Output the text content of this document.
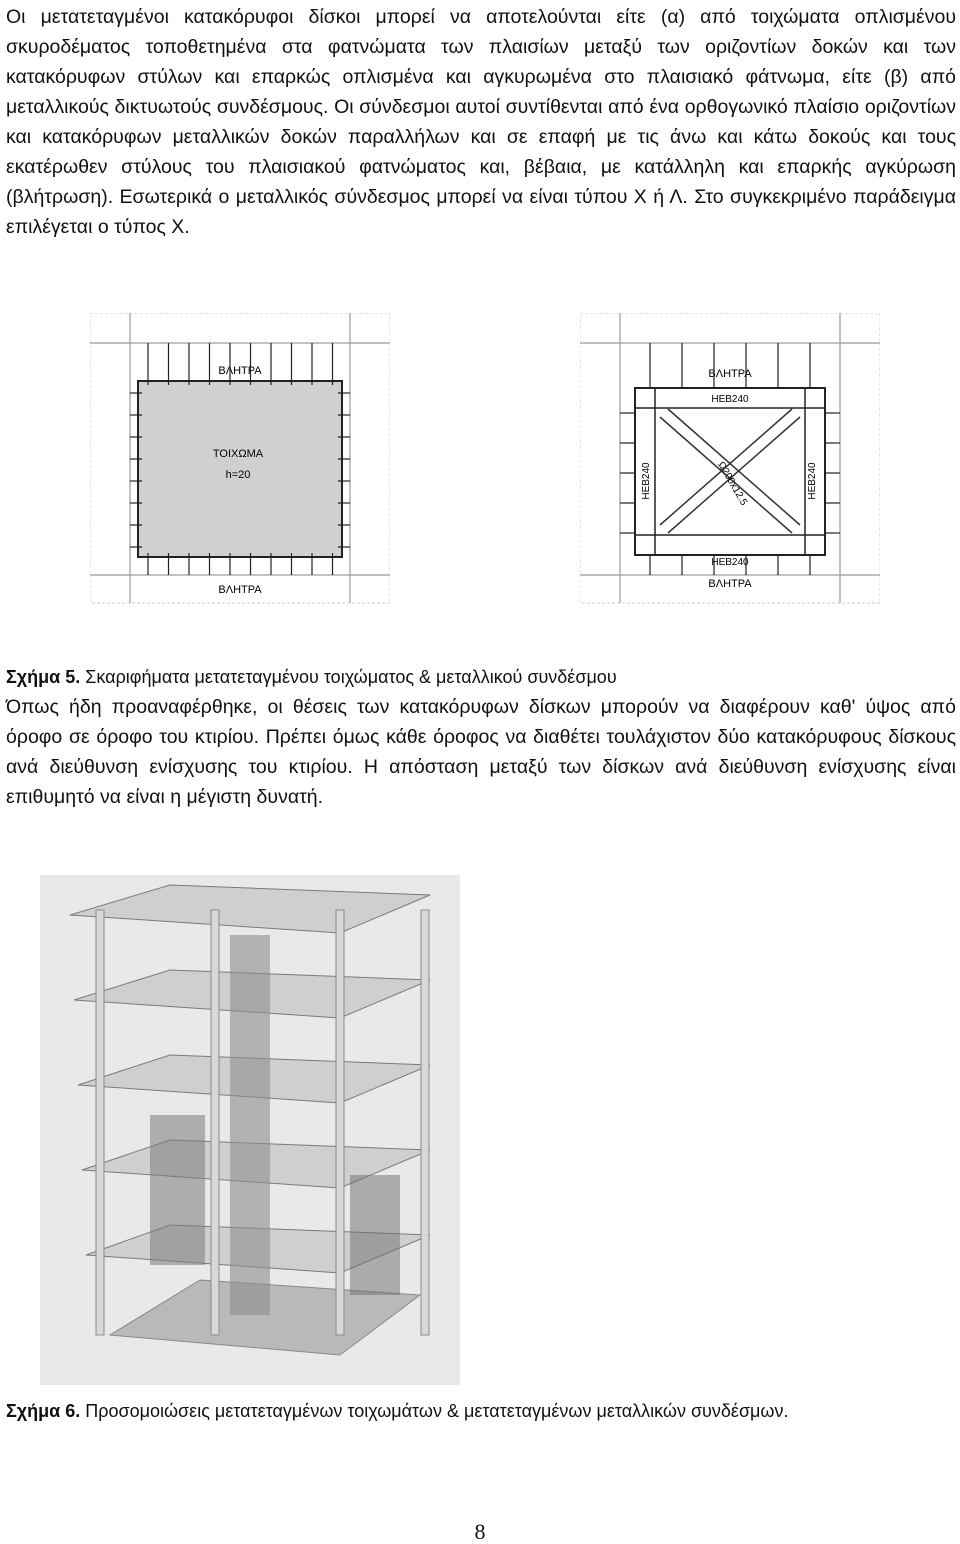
Οι μετατεταγμένοι κατακόρυφοι δίσκοι μπορεί να αποτελούνται είτε (α) από τοιχώματα οπλισμένου σκυροδέματος τοποθετημένα στα φατνώματα των πλαισίων μεταξύ των οριζοντίων δοκών και των κατακόρυφων στύλων και επαρκώς οπλισμένα και αγκυρωμένα στο πλαισιακό φάτνωμα, είτε (β) από μεταλλικούς δικτυωτούς συνδέσμους. Οι σύνδεσμοι αυτοί συντίθενται από ένα ορθογωνικό πλαίσιο οριζοντίων και κατακόρυφων μεταλλικών δοκών παραλλήλων και σε επαφή με τις άνω και κάτω δοκούς και τους εκατέρωθεν στύλους του πλαισιακού φατνώματος και, βέβαια, με κατάλληλη και επαρκής αγκύρωση (βλήτρωση). Εσωτερικά ο μεταλλικός σύνδεσμος μπορεί να είναι τύπου Χ ή Λ. Στο συγκεκριμένο παράδειγμα επιλέγεται ο τύπος Χ.

ΒΛΗΤΡΑ
ΒΛΗΤΡΑ
ΤΟΙΧΩΜΑ
h=20
ΒΛΗΤΡΑ
HEB240
HEB240
ΒΛΗΤΡΑ
HEB240	HEB240
Ω200x12.5

Σχήμα 5. Σκαριφήματα μετατεταγμένου τοιχώματος & μεταλλικού συνδέσμου

Όπως ήδη προαναφέρθηκε, οι θέσεις των κατακόρυφων δίσκων μπορούν να διαφέρουν καθ' ύψος από όροφο σε όροφο του κτιρίου. Πρέπει όμως κάθε όροφος να διαθέτει τουλάχιστον δύο κατακόρυφους δίσκους ανά διεύθυνση ενίσχυσης του κτιρίου. Η απόσταση μεταξύ των δίσκων ανά διεύθυνση ενίσχυσης είναι επιθυμητό να είναι η μέγιστη δυνατή.

Σχήμα 6. Προσομοιώσεις μετατεταγμένων τοιχωμάτων & μετατεταγμένων μεταλλικών συνδέσμων.

8
